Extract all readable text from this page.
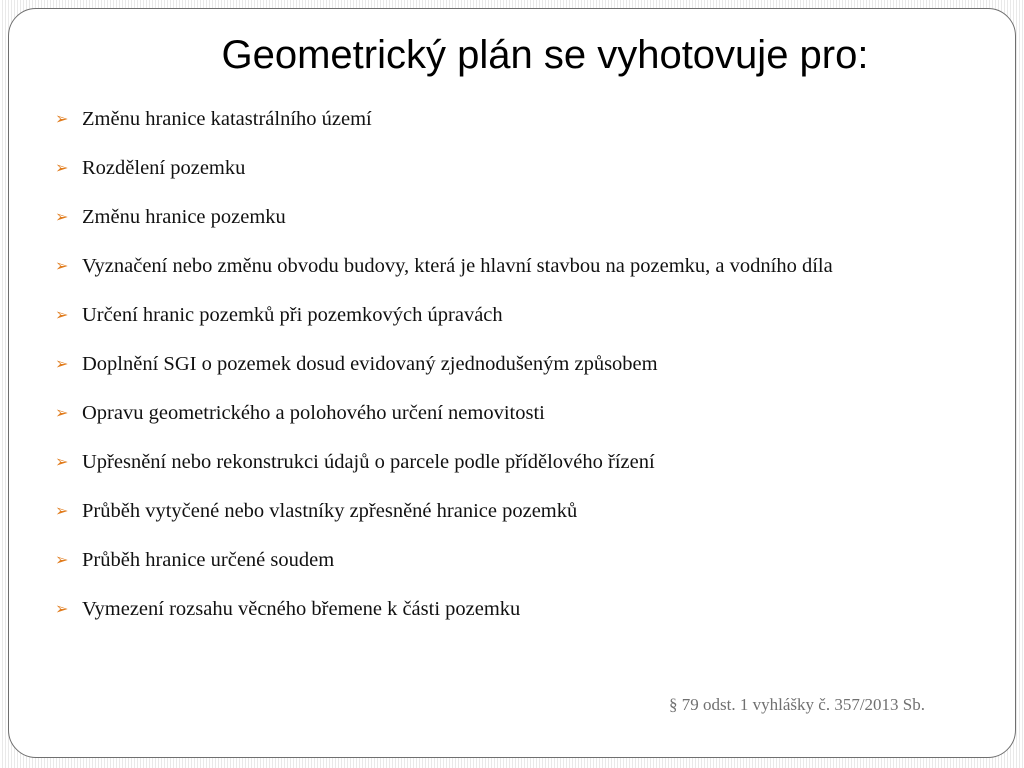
Geometrický plán se vyhotovuje pro:
➢ Změnu hranice katastrálního území
➢ Rozdělení pozemku
➢ Změnu hranice pozemku
➢ Vyznačení nebo změnu obvodu budovy, která je hlavní stavbou na pozemku, a vodního díla
➢ Určení hranic pozemků při pozemkových úpravách
➢ Doplnění SGI o pozemek dosud evidovaný zjednodušeným způsobem
➢ Opravu geometrického a polohového určení nemovitosti
➢ Upřesnění nebo rekonstrukci údajů o parcele podle přídělového řízení
➢ Průběh vytyčené nebo vlastníky zpřesněné hranice pozemků
➢ Průběh hranice určené soudem
➢ Vymezení rozsahu věcného břemene k části pozemku
§ 79 odst. 1 vyhlášky č. 357/2013 Sb.
